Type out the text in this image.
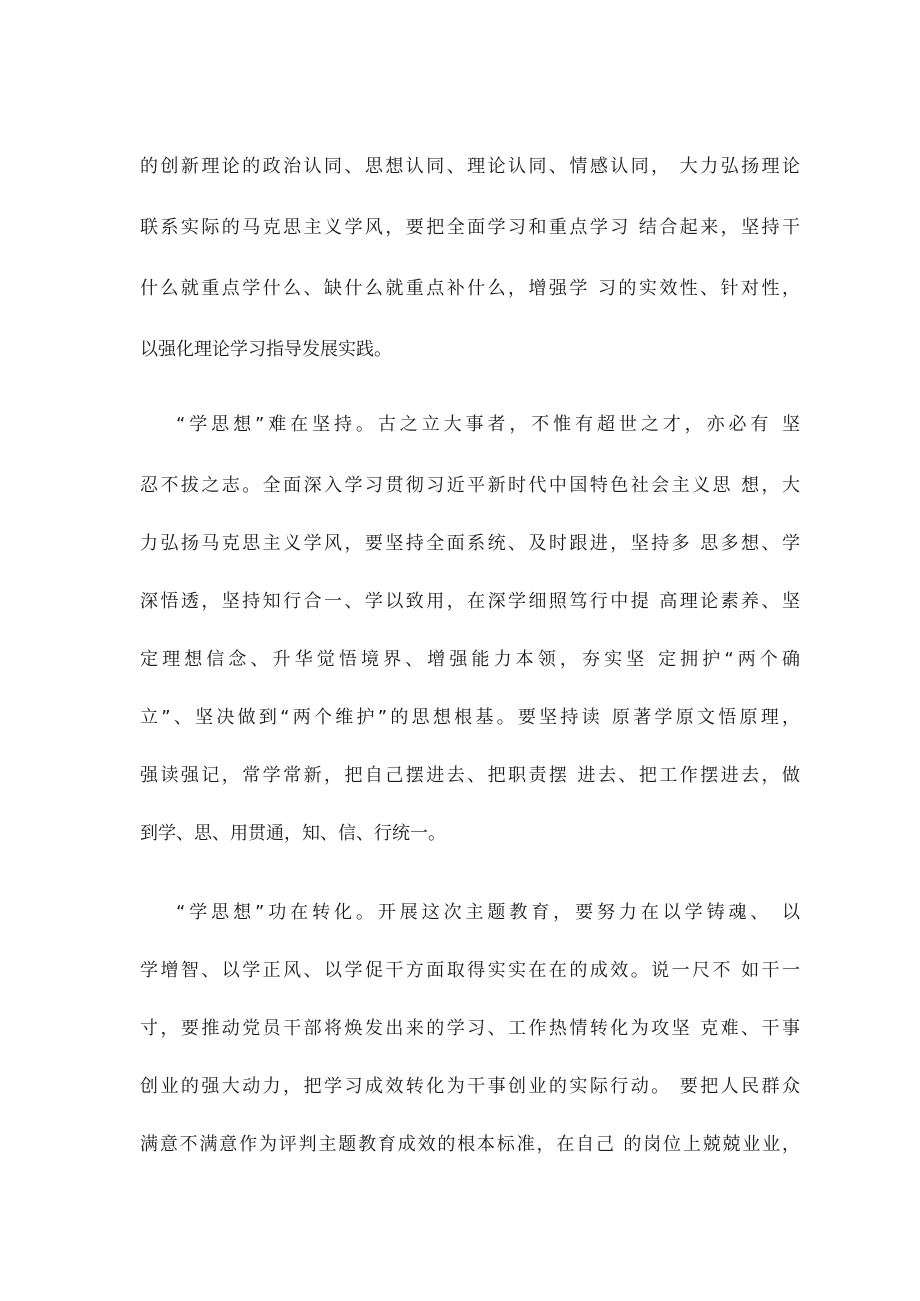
的创新理论的政治认同、思想认同、理论认同、情感认同， 大力弘扬理论

联系实际的马克思主义学风，要把全面学习和重点学习 结合起来，坚持干

什么就重点学什么、缺什么就重点补什么，增强学 习的实效性、针对性，

以强化理论学习指导发展实践。

“学思想”难在坚持。古之立大事者，不惟有超世之才，亦必有 坚

忍不拔之志。全面深入学习贯彻习近平新时代中国特色社会主义思 想，大

力弘扬马克思主义学风，要坚持全面系统、及时跟进，坚持多 思多想、学

深悟透，坚持知行合一、学以致用，在深学细照笃行中提 高理论素养、坚

定理想信念、升华觉悟境界、增强能力本领，夯实坚 定拥护“两个确

立”、坚决做到“两个维护”的思想根基。要坚持读 原著学原文悟原理，

强读强记，常学常新，把自己摆进去、把职责摆 进去、把工作摆进去，做

到学、思、用贯通，知、信、行统一。

“学思想”功在转化。开展这次主题教育，要努力在以学铸魂、 以

学增智、以学正风、以学促干方面取得实实在在的成效。说一尺不 如干一

寸，要推动党员干部将焕发出来的学习、工作热情转化为攻坚 克难、干事

创业的强大动力，把学习成效转化为干事创业的实际行动。 要把人民群众

满意不满意作为评判主题教育成效的根本标准，在自己 的岗位上兢兢业业，
